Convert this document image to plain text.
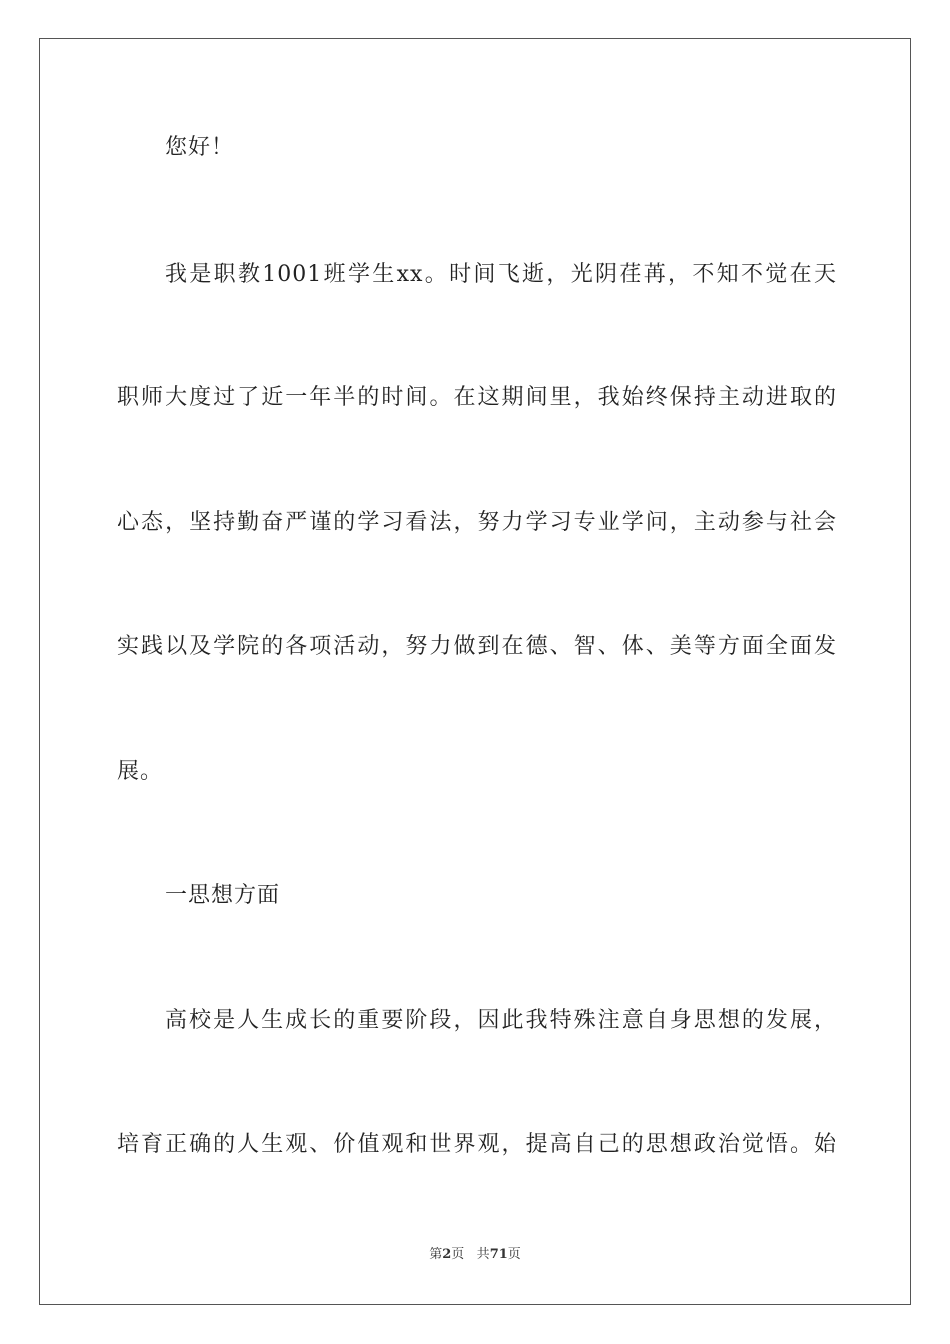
您好！
我是职教1001班学生xx。时间飞逝，光阴荏苒，不知不觉在天
职师大度过了近一年半的时间。在这期间里，我始终保持主动进取的
心态，坚持勤奋严谨的学习看法，努力学习专业学问，主动参与社会
实践以及学院的各项活动，努力做到在德、智、体、美等方面全面发
展。
一思想方面
高校是人生成长的重要阶段，因此我特殊注意自身思想的发展，
培育正确的人生观、价值观和世界观，提高自己的思想政治觉悟。始
第2页 共71页
